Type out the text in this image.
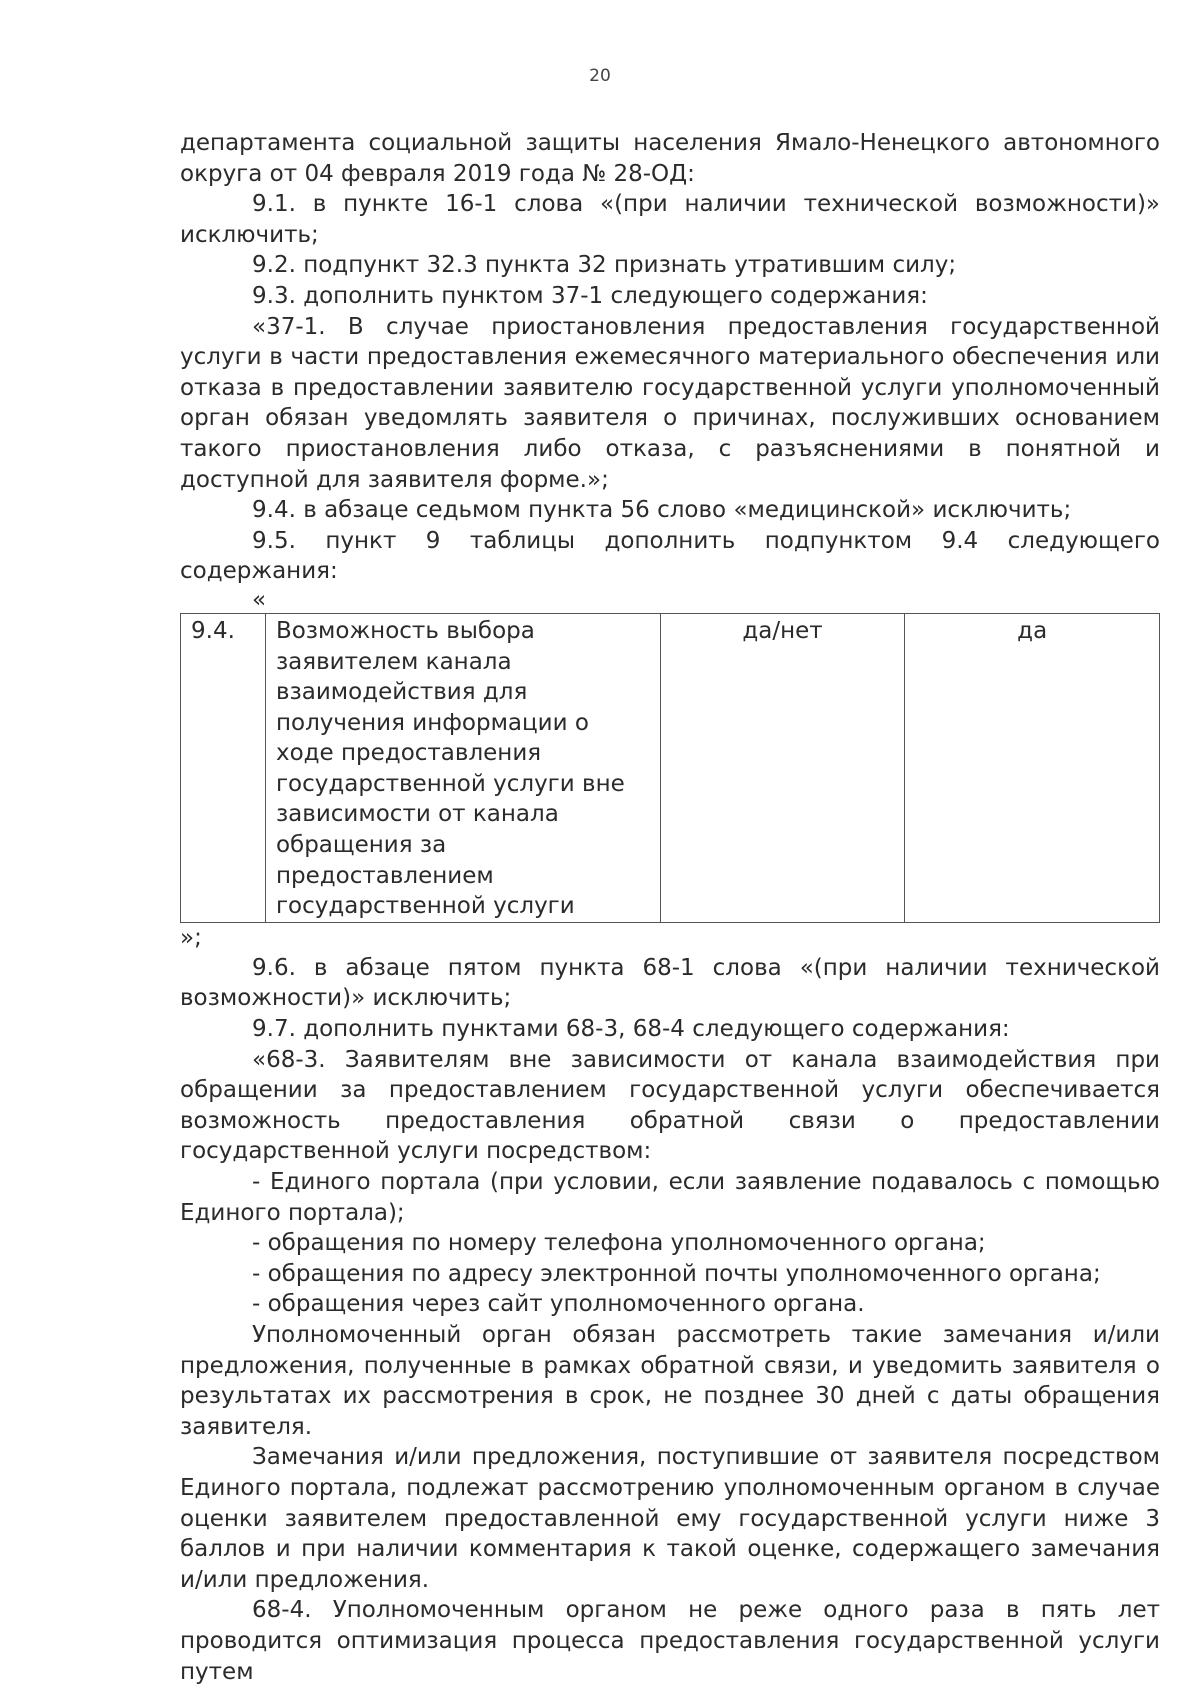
20

департамента социальной защиты населения Ямало-Ненецкого автономного округа от 04 февраля 2019 года № 28-ОД:

9.1. в пункте 16-1 слова «(при наличии технической возможности)» исключить;

9.2. подпункт 32.3 пункта 32 признать утратившим силу;

9.3. дополнить пунктом 37-1 следующего содержания:

«37-1. В случае приостановления предоставления государственной услуги в части предоставления ежемесячного материального обеспечения или отказа в предоставлении заявителю государственной услуги уполномоченный орган обязан уведомлять заявителя о причинах, послуживших основанием такого приостановления либо отказа, с разъяснениями в понятной и доступной для заявителя форме.»;

9.4. в абзаце седьмом пункта 56 слово «медицинской» исключить;

9.5. пункт 9 таблицы дополнить подпунктом 9.4 следующего содержания:

«

9.4.	Возможность выбора заявителем канала взаимодействия для получения информации о ходе предоставления государственной услуги вне зависимости от канала обращения за предоставлением государственной услуги	да/нет	да

»;

9.6. в абзаце пятом пункта 68-1 слова «(при наличии технической возможности)» исключить;

9.7. дополнить пунктами 68-3, 68-4 следующего содержания:

«68-3. Заявителям вне зависимости от канала взаимодействия при обращении за предоставлением государственной услуги обеспечивается возможность предоставления обратной связи о предоставлении государственной услуги посредством:

- Единого портала (при условии, если заявление подавалось с помощью Единого портала);

- обращения по номеру телефона уполномоченного органа;

- обращения по адресу электронной почты уполномоченного органа;

- обращения через сайт уполномоченного органа.

Уполномоченный орган обязан рассмотреть такие замечания и/или предложения, полученные в рамках обратной связи, и уведомить заявителя о результатах их рассмотрения в срок, не позднее 30 дней с даты обращения заявителя.

Замечания и/или предложения, поступившие от заявителя посредством Единого портала, подлежат рассмотрению уполномоченным органом в случае оценки заявителем предоставленной ему государственной услуги ниже 3 баллов и при наличии комментария к такой оценке, содержащего замечания и/или предложения.

68-4. Уполномоченным органом не реже одного раза в пять лет проводится оптимизация процесса предоставления государственной услуги путем
